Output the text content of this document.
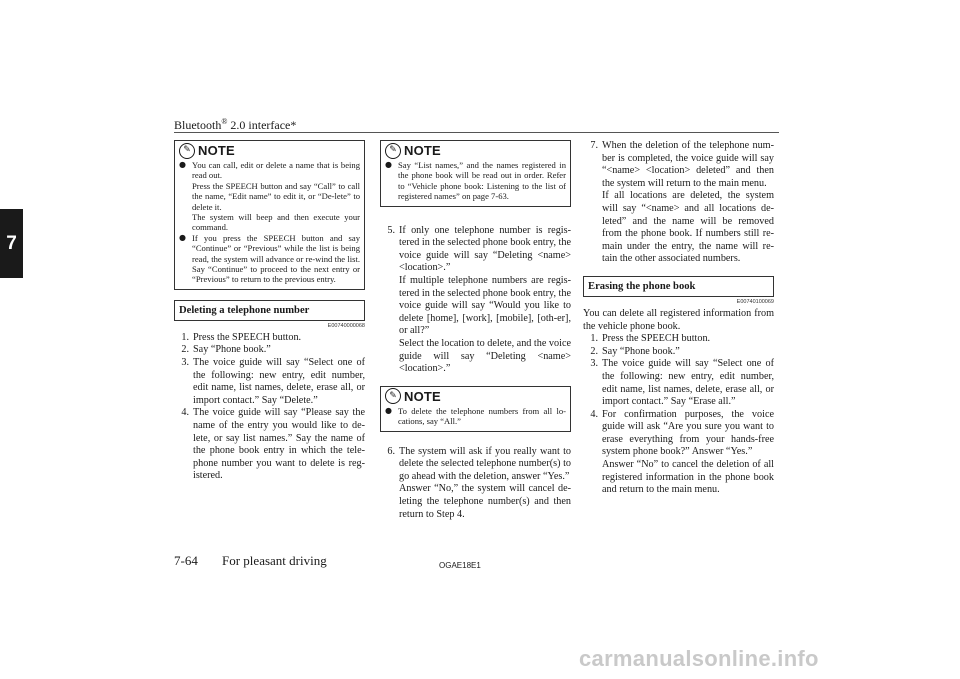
Bluetooth® 2.0 interface*
7
✎ NOTE
● You can call, edit or delete a name that is being read out.
Press the SPEECH button and say “Call” to call the name, “Edit name” to edit it, or “De-lete” to delete it.
The system will beep and then execute your command.

● If you press the SPEECH button and say “Continue” or “Previous” while the list is being read, the system will advance or re-wind the list. Say “Continue” to proceed to the next entry or “Previous” to return to the previous entry.

Deleting a telephone number
E00740000068
1. Press the SPEECH button.
2. Say “Phone book.”
3. The voice guide will say “Select one of the following: new entry, edit number, edit name, list names, delete, erase all, or import contact.” Say “Delete.”
4. The voice guide will say “Please say the name of the entry you would like to de-lete, or say list names.” Say the name of the phone book entry in which the tele-phone number you want to delete is reg-istered.
✎ NOTE
● Say “List names,” and the names registered in the phone book will be read out in order. Refer to “Vehicle phone book: Listening to the list of registered names” on page 7-63.

5. If only one telephone number is regis-tered in the selected phone book entry, the voice guide will say “Deleting <name> <location>.”

If multiple telephone numbers are regis-tered in the selected phone book entry, the voice guide will say “Would you like to delete [home], [work], [mobile], [oth-er], or all?”

Select the location to delete, and the voice guide will say “Deleting <name> <location>.”

✎ NOTE
● To delete the telephone numbers from all lo-cations, say “All.”

6. The system will ask if you really want to delete the selected telephone number(s) to go ahead with the deletion, answer “Yes.”

Answer “No,” the system will cancel de-leting the telephone number(s) and then return to Step 4.

7. When the deletion of the telephone num-ber is completed, the voice guide will say “<name> <location> deleted” and then the system will return to the main menu.

If all locations are deleted, the system will say “<name> and all locations de-leted” and the name will be removed from the phone book. If numbers still re-main under the entry, the name will re-tain the other associated numbers.

Erasing the phone book
E00740100069

You can delete all registered information from the vehicle phone book.

1. Press the SPEECH button.
2. Say “Phone book.”
3. The voice guide will say “Select one of the following: new entry, edit number, edit name, list names, delete, erase all, or import contact.” Say “Erase all.”
4. For confirmation purposes, the voice guide will ask “Are you sure you want to erase everything from your hands-free system phone book?” Answer “Yes.”

Answer “No” to cancel the deletion of all registered information in the phone book and return to the main menu.

7-64 For pleasant driving	OGAE18E1
carmanualsonline.info
